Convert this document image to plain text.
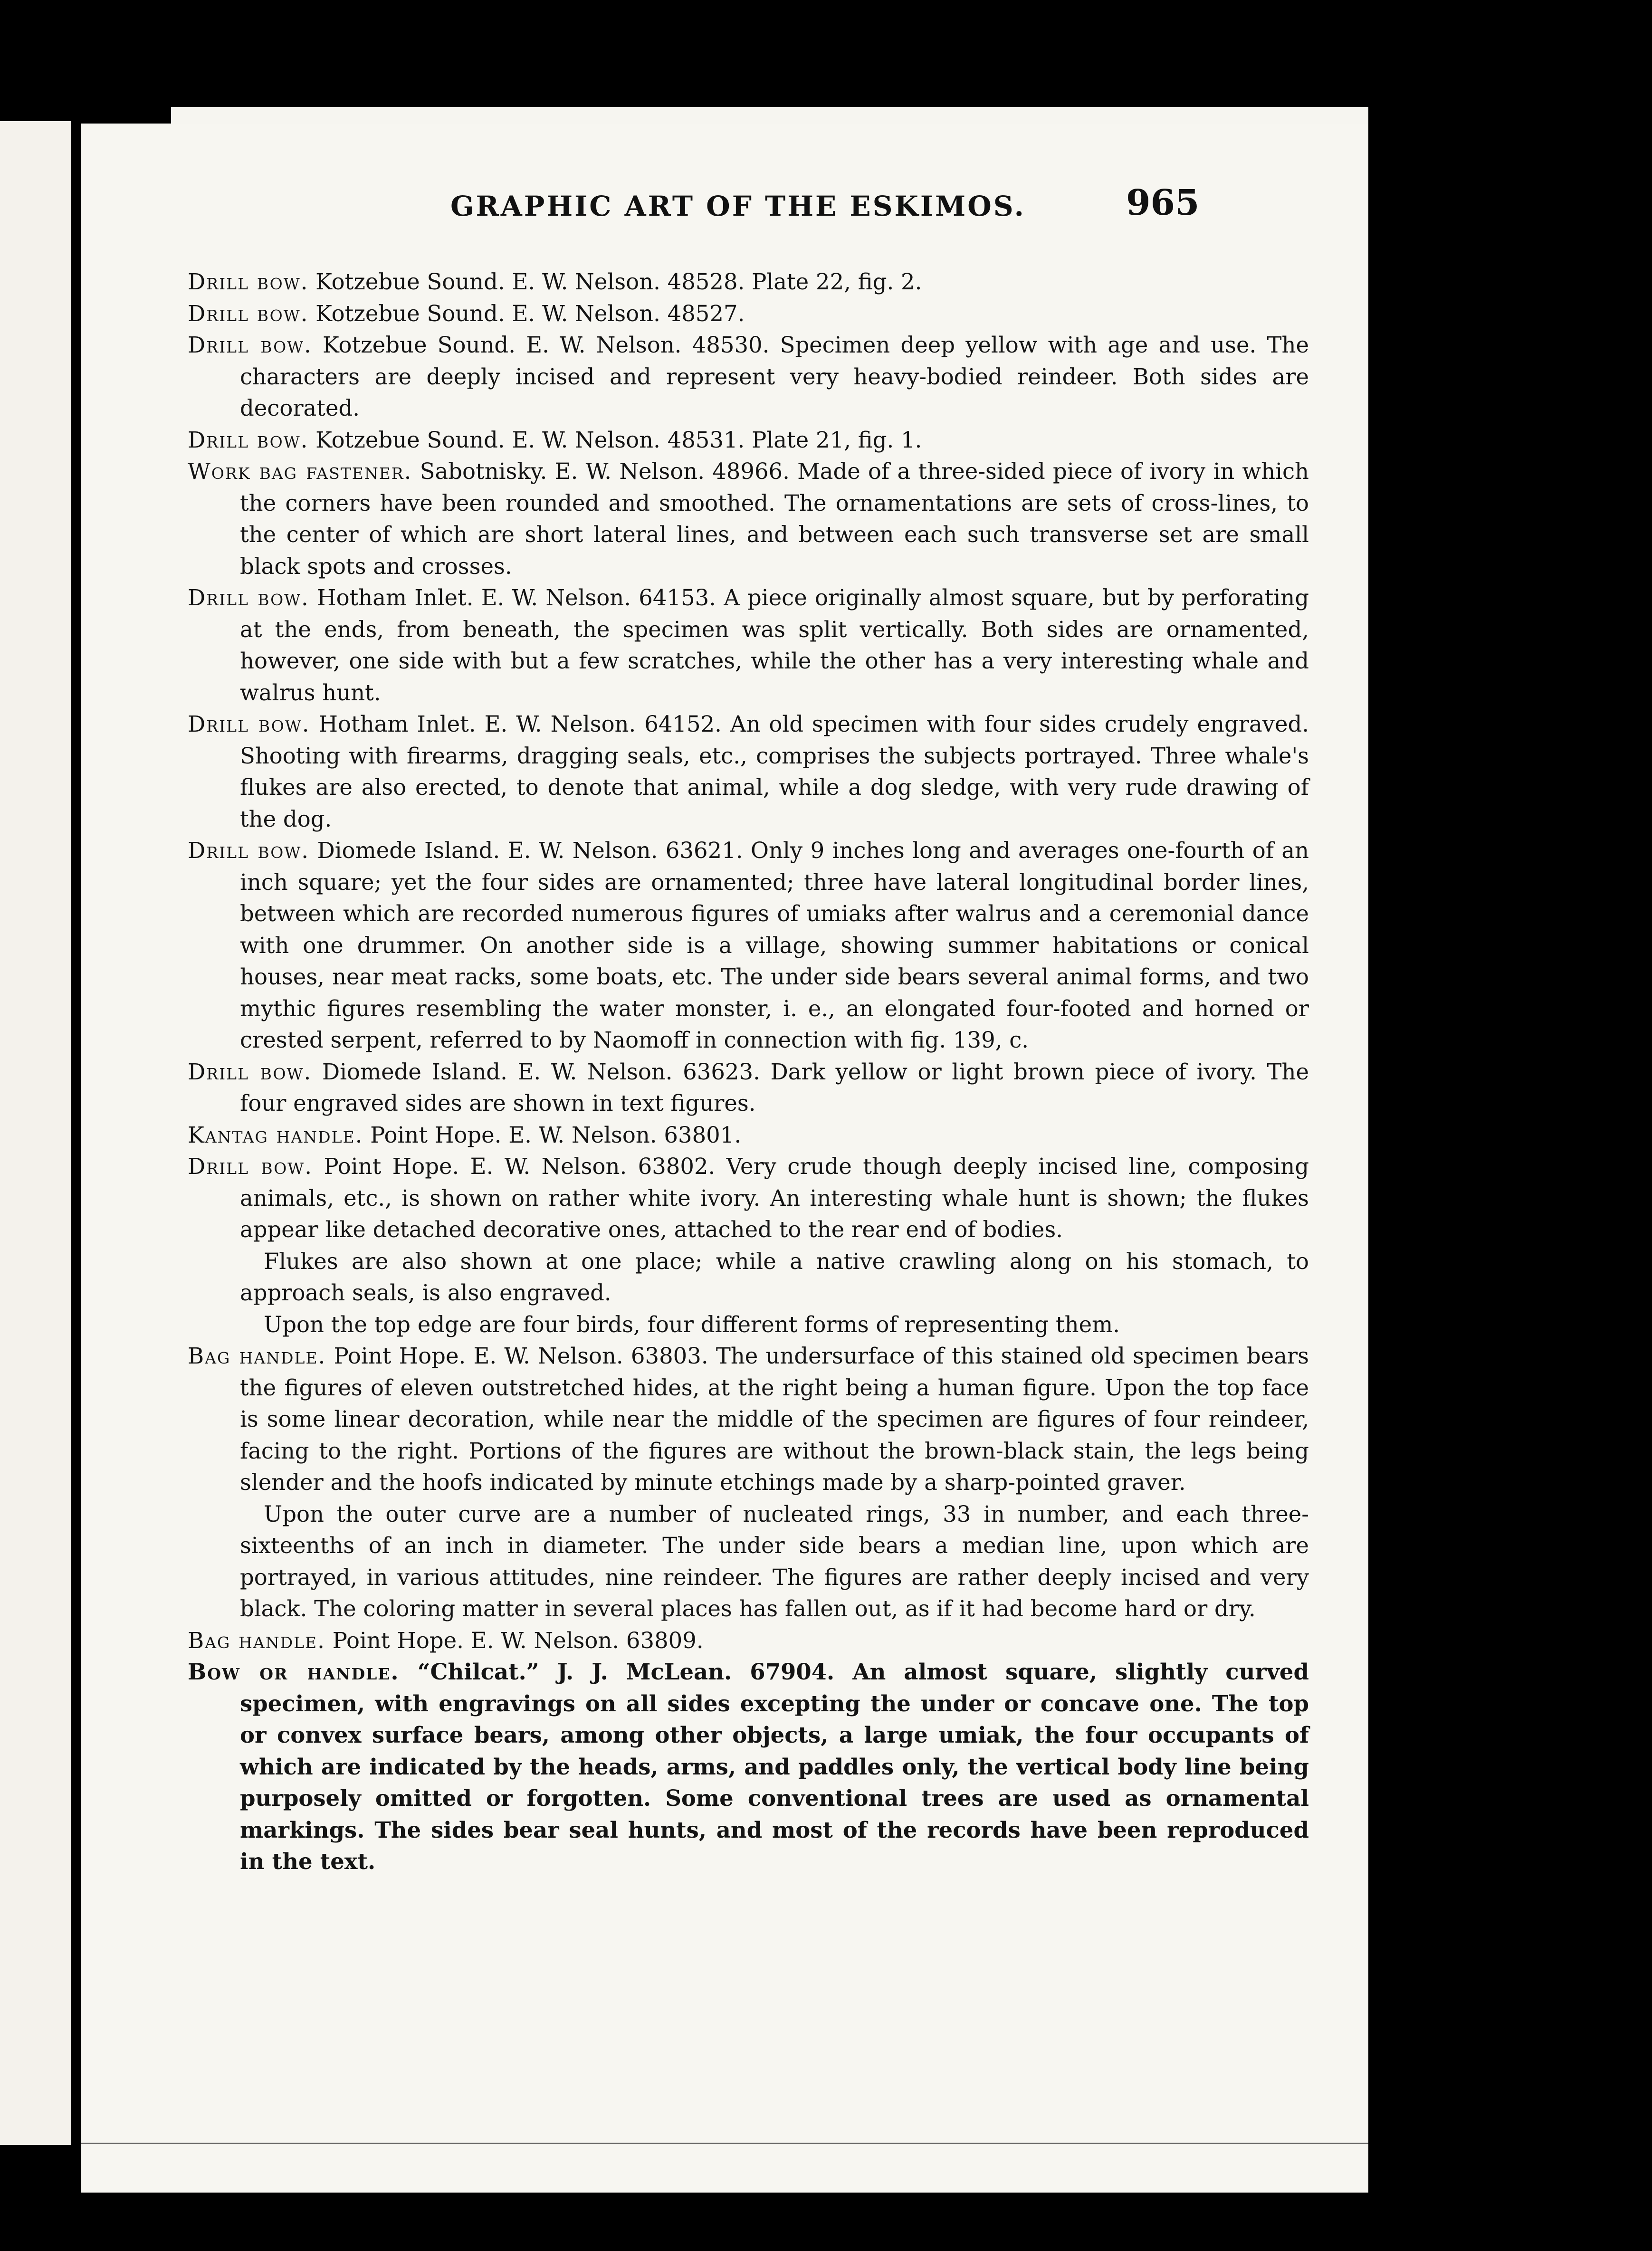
GRAPHIC ART OF THE ESKIMOS.	965

Drill bow. Kotzebue Sound. E. W. Nelson. 48528. Plate 22, fig. 2.

Drill bow. Kotzebue Sound. E. W. Nelson. 48527.

Drill bow. Kotzebue Sound. E. W. Nelson. 48530. Specimen deep yellow with age and use. The characters are deeply incised and represent very heavy-bodied reindeer. Both sides are decorated.

Drill bow. Kotzebue Sound. E. W. Nelson. 48531. Plate 21, fig. 1.

Work bag fastener. Sabotnisky. E. W. Nelson. 48966. Made of a three-sided piece of ivory in which the corners have been rounded and smoothed. The ornamentations are sets of cross-lines, to the center of which are short lateral lines, and between each such transverse set are small black spots and crosses.

Drill bow. Hotham Inlet. E. W. Nelson. 64153. A piece originally almost square, but by perforating at the ends, from beneath, the specimen was split vertically. Both sides are ornamented, however, one side with but a few scratches, while the other has a very interesting whale and walrus hunt.

Drill bow. Hotham Inlet. E. W. Nelson. 64152. An old specimen with four sides crudely engraved. Shooting with firearms, dragging seals, etc., comprises the subjects portrayed. Three whale's flukes are also erected, to denote that animal, while a dog sledge, with very rude drawing of the dog.

Drill bow. Diomede Island. E. W. Nelson. 63621. Only 9 inches long and averages one-fourth of an inch square; yet the four sides are ornamented; three have lateral longitudinal border lines, between which are recorded numerous figures of umiaks after walrus and a ceremonial dance with one drummer. On another side is a village, showing summer habitations or conical houses, near meat racks, some boats, etc. The under side bears several animal forms, and two mythic figures resembling the water monster, i. e., an elongated four-footed and horned or crested serpent, referred to by Naomoff in connection with fig. 139, c.

Drill bow. Diomede Island. E. W. Nelson. 63623. Dark yellow or light brown piece of ivory. The four engraved sides are shown in text figures.

Kantag handle. Point Hope. E. W. Nelson. 63801.

Drill bow. Point Hope. E. W. Nelson. 63802. Very crude though deeply incised line, composing animals, etc., is shown on rather white ivory. An interesting whale hunt is shown; the flukes appear like detached decorative ones, attached to the rear end of bodies.

Flukes are also shown at one place; while a native crawling along on his stomach, to approach seals, is also engraved.

Upon the top edge are four birds, four different forms of representing them.

Bag handle. Point Hope. E. W. Nelson. 63803. The undersurface of this stained old specimen bears the figures of eleven outstretched hides, at the right being a human figure. Upon the top face is some linear decoration, while near the middle of the specimen are figures of four reindeer, facing to the right. Portions of the figures are without the brown-black stain, the legs being slender and the hoofs indicated by minute etchings made by a sharp-pointed graver.

Upon the outer curve are a number of nucleated rings, 33 in number, and each three-sixteenths of an inch in diameter. The under side bears a median line, upon which are portrayed, in various attitudes, nine reindeer. The figures are rather deeply incised and very black. The coloring matter in several places has fallen out, as if it had become hard or dry.

Bag handle. Point Hope. E. W. Nelson. 63809.

Bow or handle. “Chilcat.” J. J. McLean. 67904. An almost square, slightly curved specimen, with engravings on all sides excepting the under or concave one. The top or convex surface bears, among other objects, a large umiak, the four occupants of which are indicated by the heads, arms, and paddles only, the vertical body line being purposely omitted or forgotten. Some conventional trees are used as ornamental markings. The sides bear seal hunts, and most of the records have been reproduced in the text.
